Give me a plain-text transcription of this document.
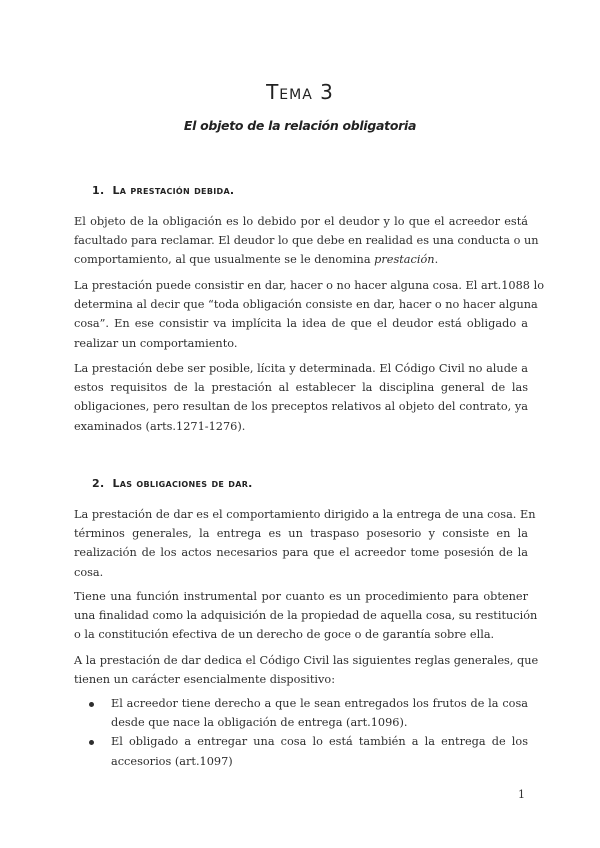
Tema 3
El objeto de la relación obligatoria
1. La prestación debida.

El objeto de la obligación es lo debido por el deudor y lo que el acreedor está
facultado para reclamar. El deudor lo que debe en realidad es una conducta o un
comportamiento, al que usualmente se le denomina prestación.

La prestación puede consistir en dar, hacer o no hacer alguna cosa. El art.1088 lo
determina al decir que “toda obligación consiste en dar, hacer o no hacer alguna
cosa”. En ese consistir va implícita la idea de que el deudor está obligado a
realizar un comportamiento.

La prestación debe ser posible, lícita y determinada. El Código Civil no alude a
estos requisitos de la prestación al establecer la disciplina general de las
obligaciones, pero resultan de los preceptos relativos al objeto del contrato, ya
examinados (arts.1271-1276).

2. Las obligaciones de dar.

La prestación de dar es el comportamiento dirigido a la entrega de una cosa. En
términos generales, la entrega es un traspaso posesorio y consiste en la
realización de los actos necesarios para que el acreedor tome posesión de la
cosa.

Tiene una función instrumental por cuanto es un procedimiento para obtener
una finalidad como la adquisición de la propiedad de aquella cosa, su restitución
o la constitución efectiva de un derecho de goce o de garantía sobre ella.

A la prestación de dar dedica el Código Civil las siguientes reglas generales, que
tienen un carácter esencialmente dispositivo:

El acreedor tiene derecho a que le sean entregados los frutos de la cosa
desde que nace la obligación de entrega (art.1096).
El obligado a entregar una cosa lo está también a la entrega de los
accesorios (art.1097)
1
